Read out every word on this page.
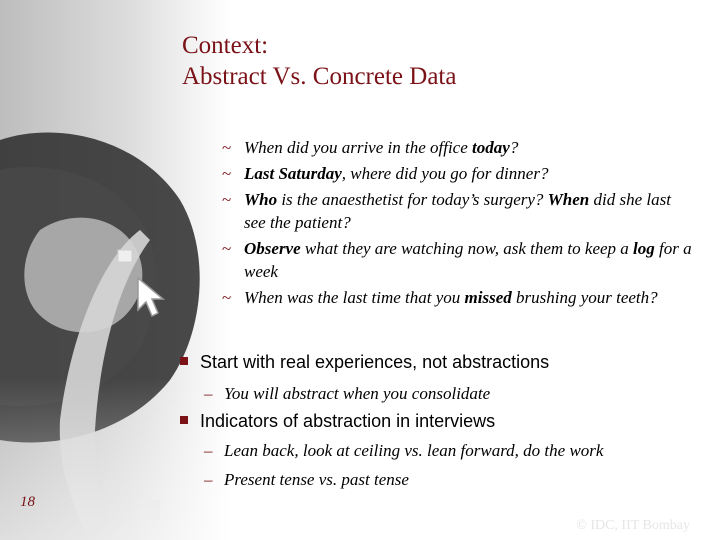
Context:
Abstract Vs. Concrete Data
~ When did you arrive in the office today?
~ Last Saturday, where did you go for dinner?
~ Who is the anaesthetist for today’s surgery? When did she last see the patient?
~ Observe what they are watching now, ask them to keep a log for a week
~ When was the last time that you missed brushing your teeth?
Start with real experiences, not abstractions
– You will abstract when you consolidate
Indicators of abstraction in interviews
– Lean back, look at ceiling vs. lean forward, do the work
– Present tense vs. past tense
18
© IDC, IIT Bombay
